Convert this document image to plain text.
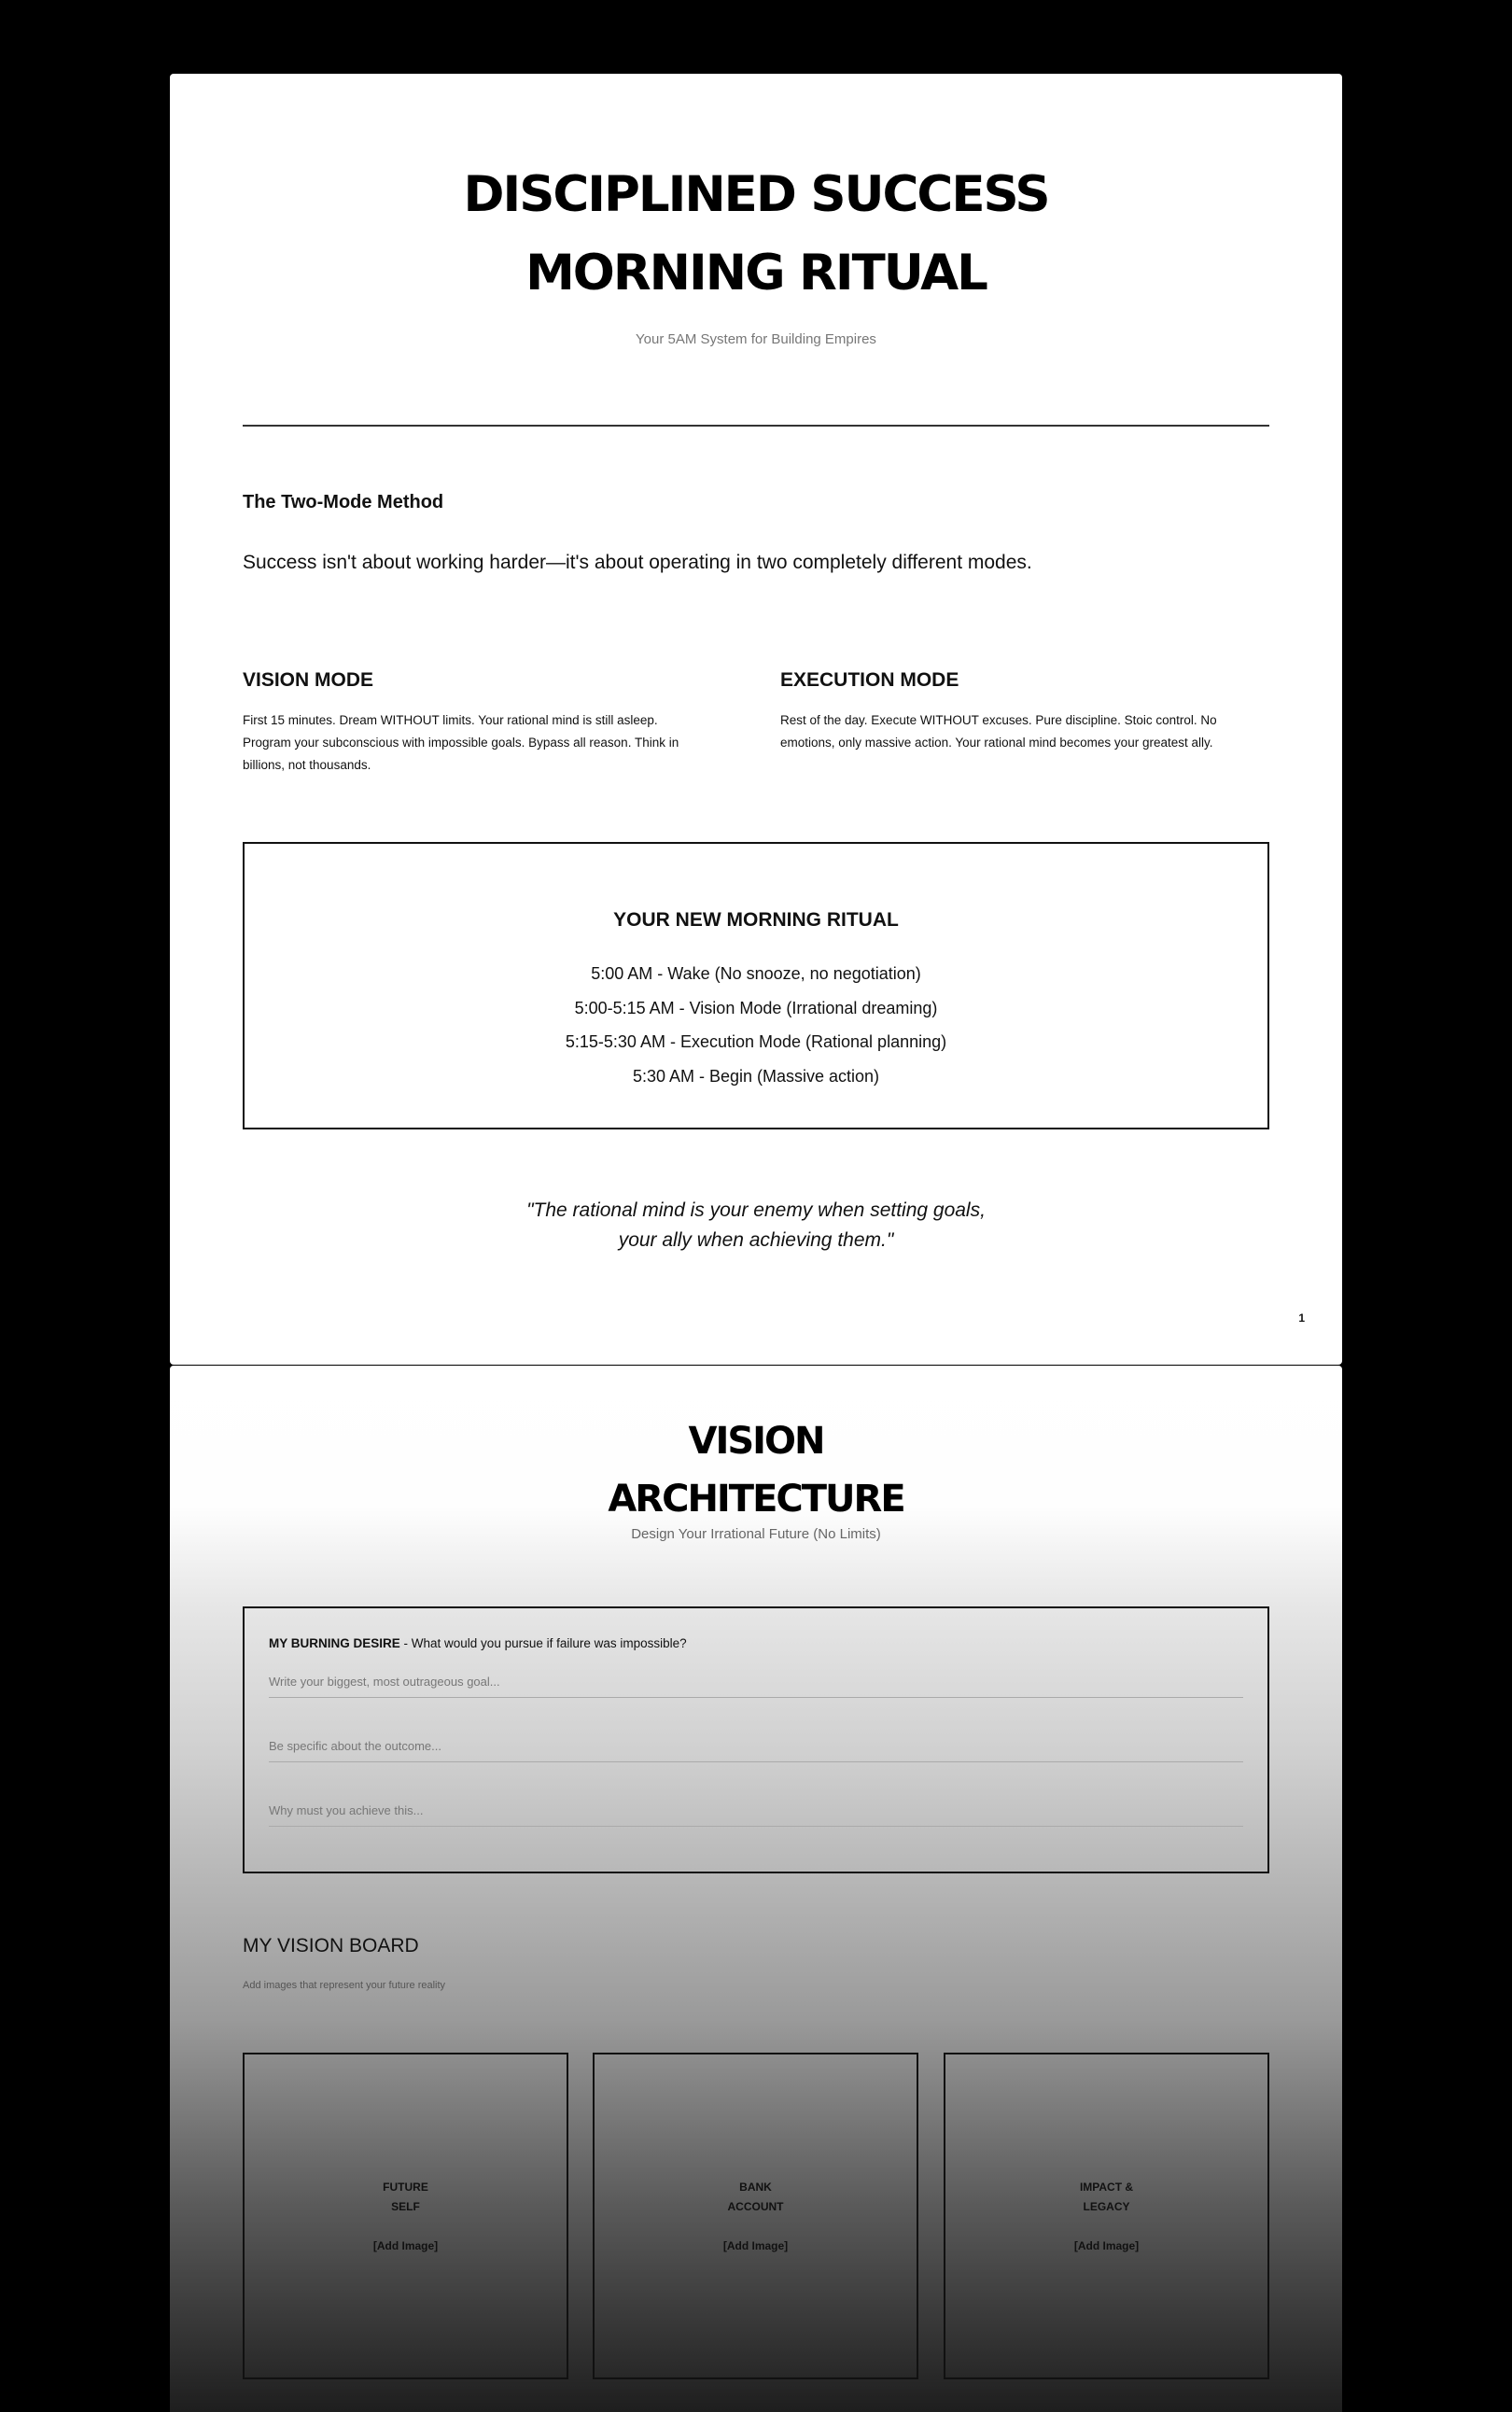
DISCIPLINED SUCCESS
MORNING RITUAL
Your 5AM System for Building Empires
The Two-Mode Method
Success isn't about working harder—it's about operating in two completely different modes.
VISION MODE
First 15 minutes. Dream WITHOUT limits. Your rational mind is still asleep.
Program your subconscious with impossible goals. Bypass all reason. Think in
billions, not thousands.
EXECUTION MODE
Rest of the day. Execute WITHOUT excuses. Pure discipline. Stoic control. No
emotions, only massive action. Your rational mind becomes your greatest ally.
YOUR NEW MORNING RITUAL
5:00 AM - Wake (No snooze, no negotiation)
5:00-5:15 AM - Vision Mode (Irrational dreaming)
5:15-5:30 AM - Execution Mode (Rational planning)
5:30 AM - Begin (Massive action)
"The rational mind is your enemy when setting goals,
your ally when achieving them."
1
VISION
ARCHITECTURE
Design Your Irrational Future (No Limits)
MY BURNING DESIRE - What would you pursue if failure was impossible?
Write your biggest, most outrageous goal...
Be specific about the outcome...
Why must you achieve this...
MY VISION BOARD
Add images that represent your future reality
FUTURE
SELF
[Add Image]
BANK
ACCOUNT
[Add Image]
IMPACT &
LEGACY
[Add Image]
